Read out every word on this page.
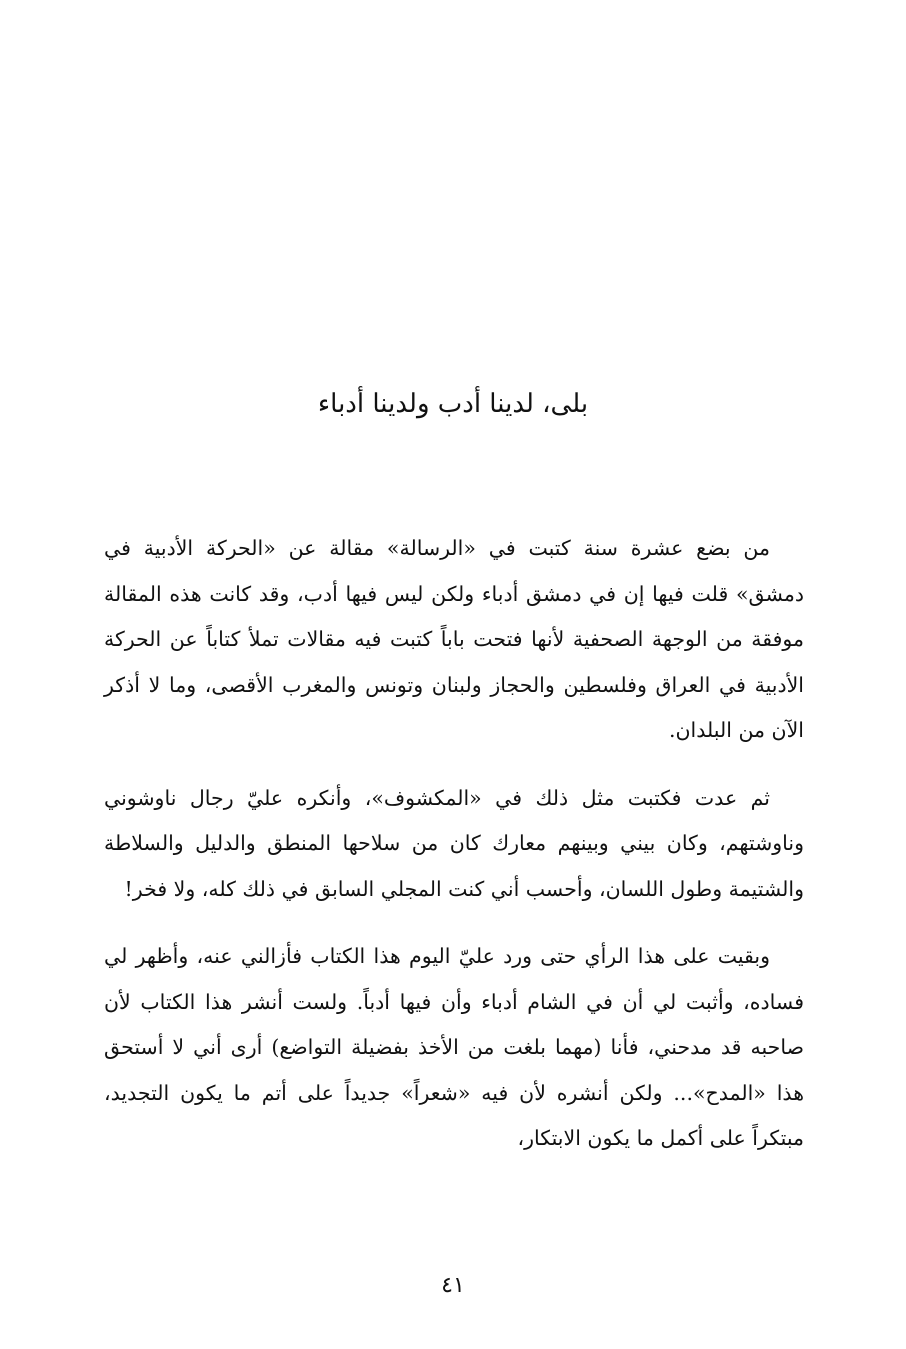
بلى، لدينا أدب ولدينا أدباء

من بضع عشرة سنة كتبت في «الرسالة» مقالة عن «الحركة الأدبية في دمشق» قلت فيها إن في دمشق أدباء ولكن ليس فيها أدب، وقد كانت هذه المقالة موفقة من الوجهة الصحفية لأنها فتحت باباً كتبت فيه مقالات تملأ كتاباً عن الحركة الأدبية في العراق وفلسطين والحجاز ولبنان وتونس والمغرب الأقصى، وما لا أذكر الآن من البلدان.

ثم عدت فكتبت مثل ذلك في «المكشوف»، وأنكره عليّ رجال ناوشوني وناوشتهم، وكان بيني وبينهم معارك كان من سلاحها المنطق والدليل والسلاطة والشتيمة وطول اللسان، وأحسب أني كنت المجلي السابق في ذلك كله، ولا فخر!

وبقيت على هذا الرأي حتى ورد عليّ اليوم هذا الكتاب فأزالني عنه، وأظهر لي فساده، وأثبت لي أن في الشام أدباء وأن فيها أدباً. ولست أنشر هذا الكتاب لأن صاحبه قد مدحني، فأنا (مهما بلغت من الأخذ بفضيلة التواضع) أرى أني لا أستحق هذا «المدح»... ولكن أنشره لأن فيه «شعراً» جديداً على أتم ما يكون التجديد، مبتكراً على أكمل ما يكون الابتكار،

٤١
